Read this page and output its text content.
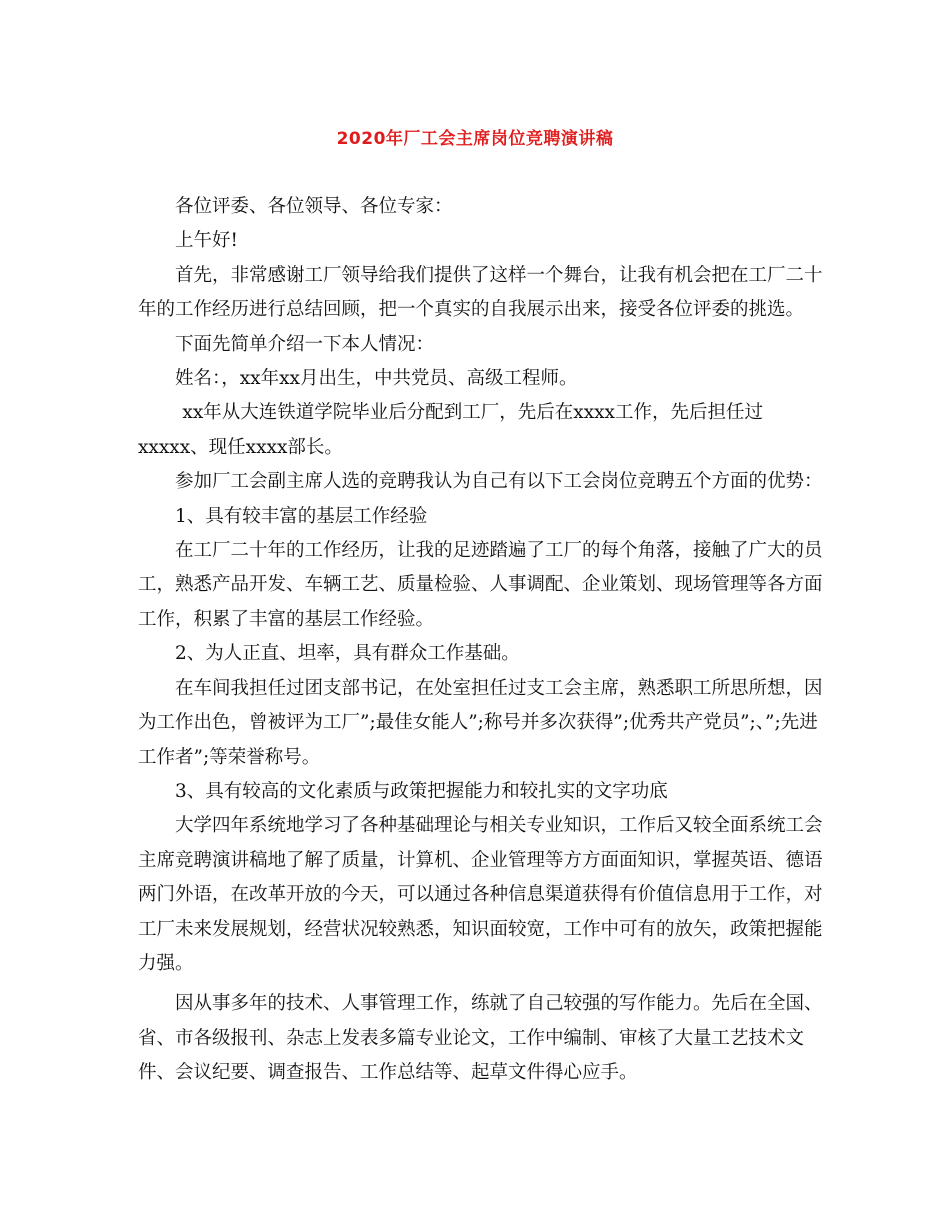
2020年厂工会主席岗位竞聘演讲稿

各位评委、各位领导、各位专家：

上午好!

首先，非常感谢工厂领导给我们提供了这样一个舞台，让我有机会把在工厂二十年的工作经历进行总结回顾，把一个真实的自我展示出来，接受各位评委的挑选。

下面先简单介绍一下本人情况：

姓名：，xx年xx月出生，中共党员、高级工程师。

xx年从大连铁道学院毕业后分配到工厂，先后在xxxx工作，先后担任过xxxxx、现任xxxx部长。

参加厂工会副主席人选的竞聘我认为自己有以下工会岗位竞聘五个方面的优势：

1、具有较丰富的基层工作经验

在工厂二十年的工作经历，让我的足迹踏遍了工厂的每个角落，接触了广大的员工，熟悉产品开发、车辆工艺、质量检验、人事调配、企业策划、现场管理等各方面工作，积累了丰富的基层工作经验。

2、为人正直、坦率，具有群众工作基础。

在车间我担任过团支部书记，在处室担任过支工会主席，熟悉职工所思所想，因为工作出色，曾被评为工厂”;最佳女能人”;称号并多次获得”;优秀共产党员”;、”;先进工作者”;等荣誉称号。

3、具有较高的文化素质与政策把握能力和较扎实的文字功底

大学四年系统地学习了各种基础理论与相关专业知识，工作后又较全面系统工会主席竞聘演讲稿地了解了质量，计算机、企业管理等方方面面知识，掌握英语、德语两门外语，在改革开放的今天，可以通过各种信息渠道获得有价值信息用于工作，对工厂未来发展规划，经营状况较熟悉，知识面较宽，工作中可有的放矢，政策把握能力强。

因从事多年的技术、人事管理工作，练就了自己较强的写作能力。先后在全国、省、市各级报刊、杂志上发表多篇专业论文，工作中编制、审核了大量工艺技术文件、会议纪要、调查报告、工作总结等、起草文件得心应手。
